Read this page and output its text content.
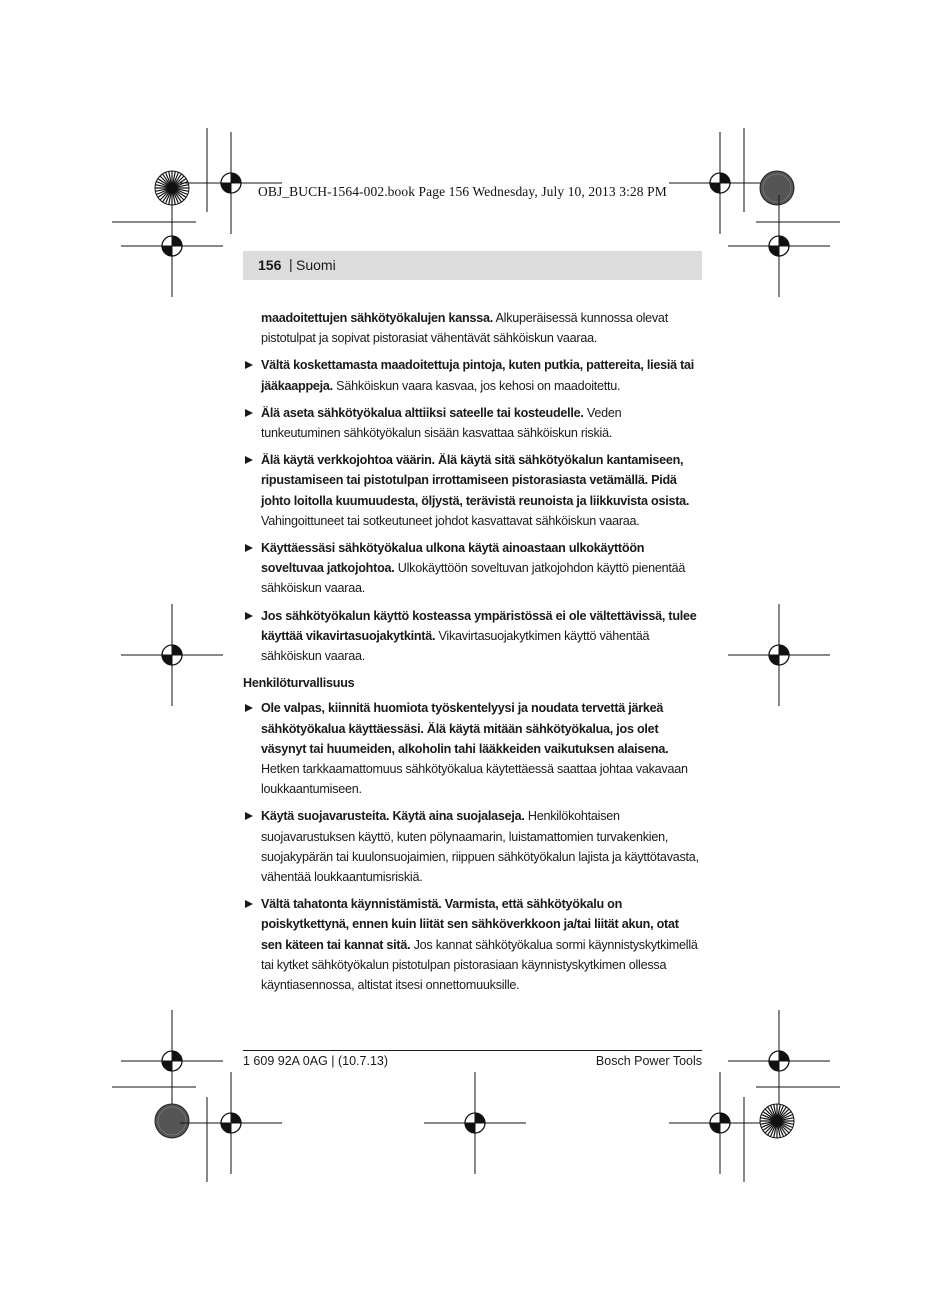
OBJ_BUCH-1564-002.book Page 156 Wednesday, July 10, 2013 3:28 PM
156 | Suomi

maadoitettujen sähkötyökalujen kanssa. Alkuperäisessä kunnossa olevat pistotulpat ja sopivat pistorasiat vähentävät sähköiskun vaaraa.

Vältä koskettamasta maadoitettuja pintoja, kuten putkia, pattereita, liesiä tai jääkaappeja. Sähköiskun vaara kasvaa, jos kehosi on maadoitettu.

Älä aseta sähkötyökalua alttiiksi sateelle tai kosteudelle. Veden tunkeutuminen sähkötyökalun sisään kasvattaa sähköiskun riskiä.

Älä käytä verkkojohtoa väärin. Älä käytä sitä sähkötyökalun kantamiseen, ripustamiseen tai pistotulpan irrottamiseen pistorasiasta vetämällä. Pidä johto loitolla kuumuudesta, öljystä, terävistä reunoista ja liikkuvista osista. Vahingoittuneet tai sotkeutuneet johdot kasvattavat sähköiskun vaaraa.

Käyttäessäsi sähkötyökalua ulkona käytä ainoastaan ulkokäyttöön soveltuvaa jatkojohtoa. Ulkokäyttöön soveltuvan jatkojohdon käyttö pienentää sähköiskun vaaraa.

Jos sähkötyökalun käyttö kosteassa ympäristössä ei ole vältettävissä, tulee käyttää vikavirtasuojakytkintä. Vikavirtasuojakytkimen käyttö vähentää sähköiskun vaaraa.

Henkilöturvallisuus

Ole valpas, kiinnitä huomiota työskentelyysi ja noudata tervettä järkeä sähkötyökalua käyttäessäsi. Älä käytä mitään sähkötyökalua, jos olet väsynyt tai huumeiden, alkoholin tahi lääkkeiden vaikutuksen alaisena. Hetken tarkkaamattomuus sähkötyökalua käytettäessä saattaa johtaa vakavaan loukkaantumiseen.

Käytä suojavarusteita. Käytä aina suojalaseja. Henkilökohtaisen suojavarustuksen käyttö, kuten pölynaamarin, luistamattomien turvakenkien, suojakypärän tai kuulonsuojaimien, riippuen sähkötyökalun lajista ja käyttötavasta, vähentää loukkaantumisriskiä.

Vältä tahatonta käynnistämistä. Varmista, että sähkötyökalu on poiskytkettynä, ennen kuin liität sen sähköverkkoon ja/tai liität akun, otat sen käteen tai kannat sitä. Jos kannat sähkötyökalua sormi käynnistyskytkimellä tai kytket sähkötyökalun pistotulpan pistorasiaan käynnistyskytkimen ollessa käyntiasennossa, altistat itsesi onnettomuuksille.

1 609 92A 0AG | (10.7.13)	Bosch Power Tools
